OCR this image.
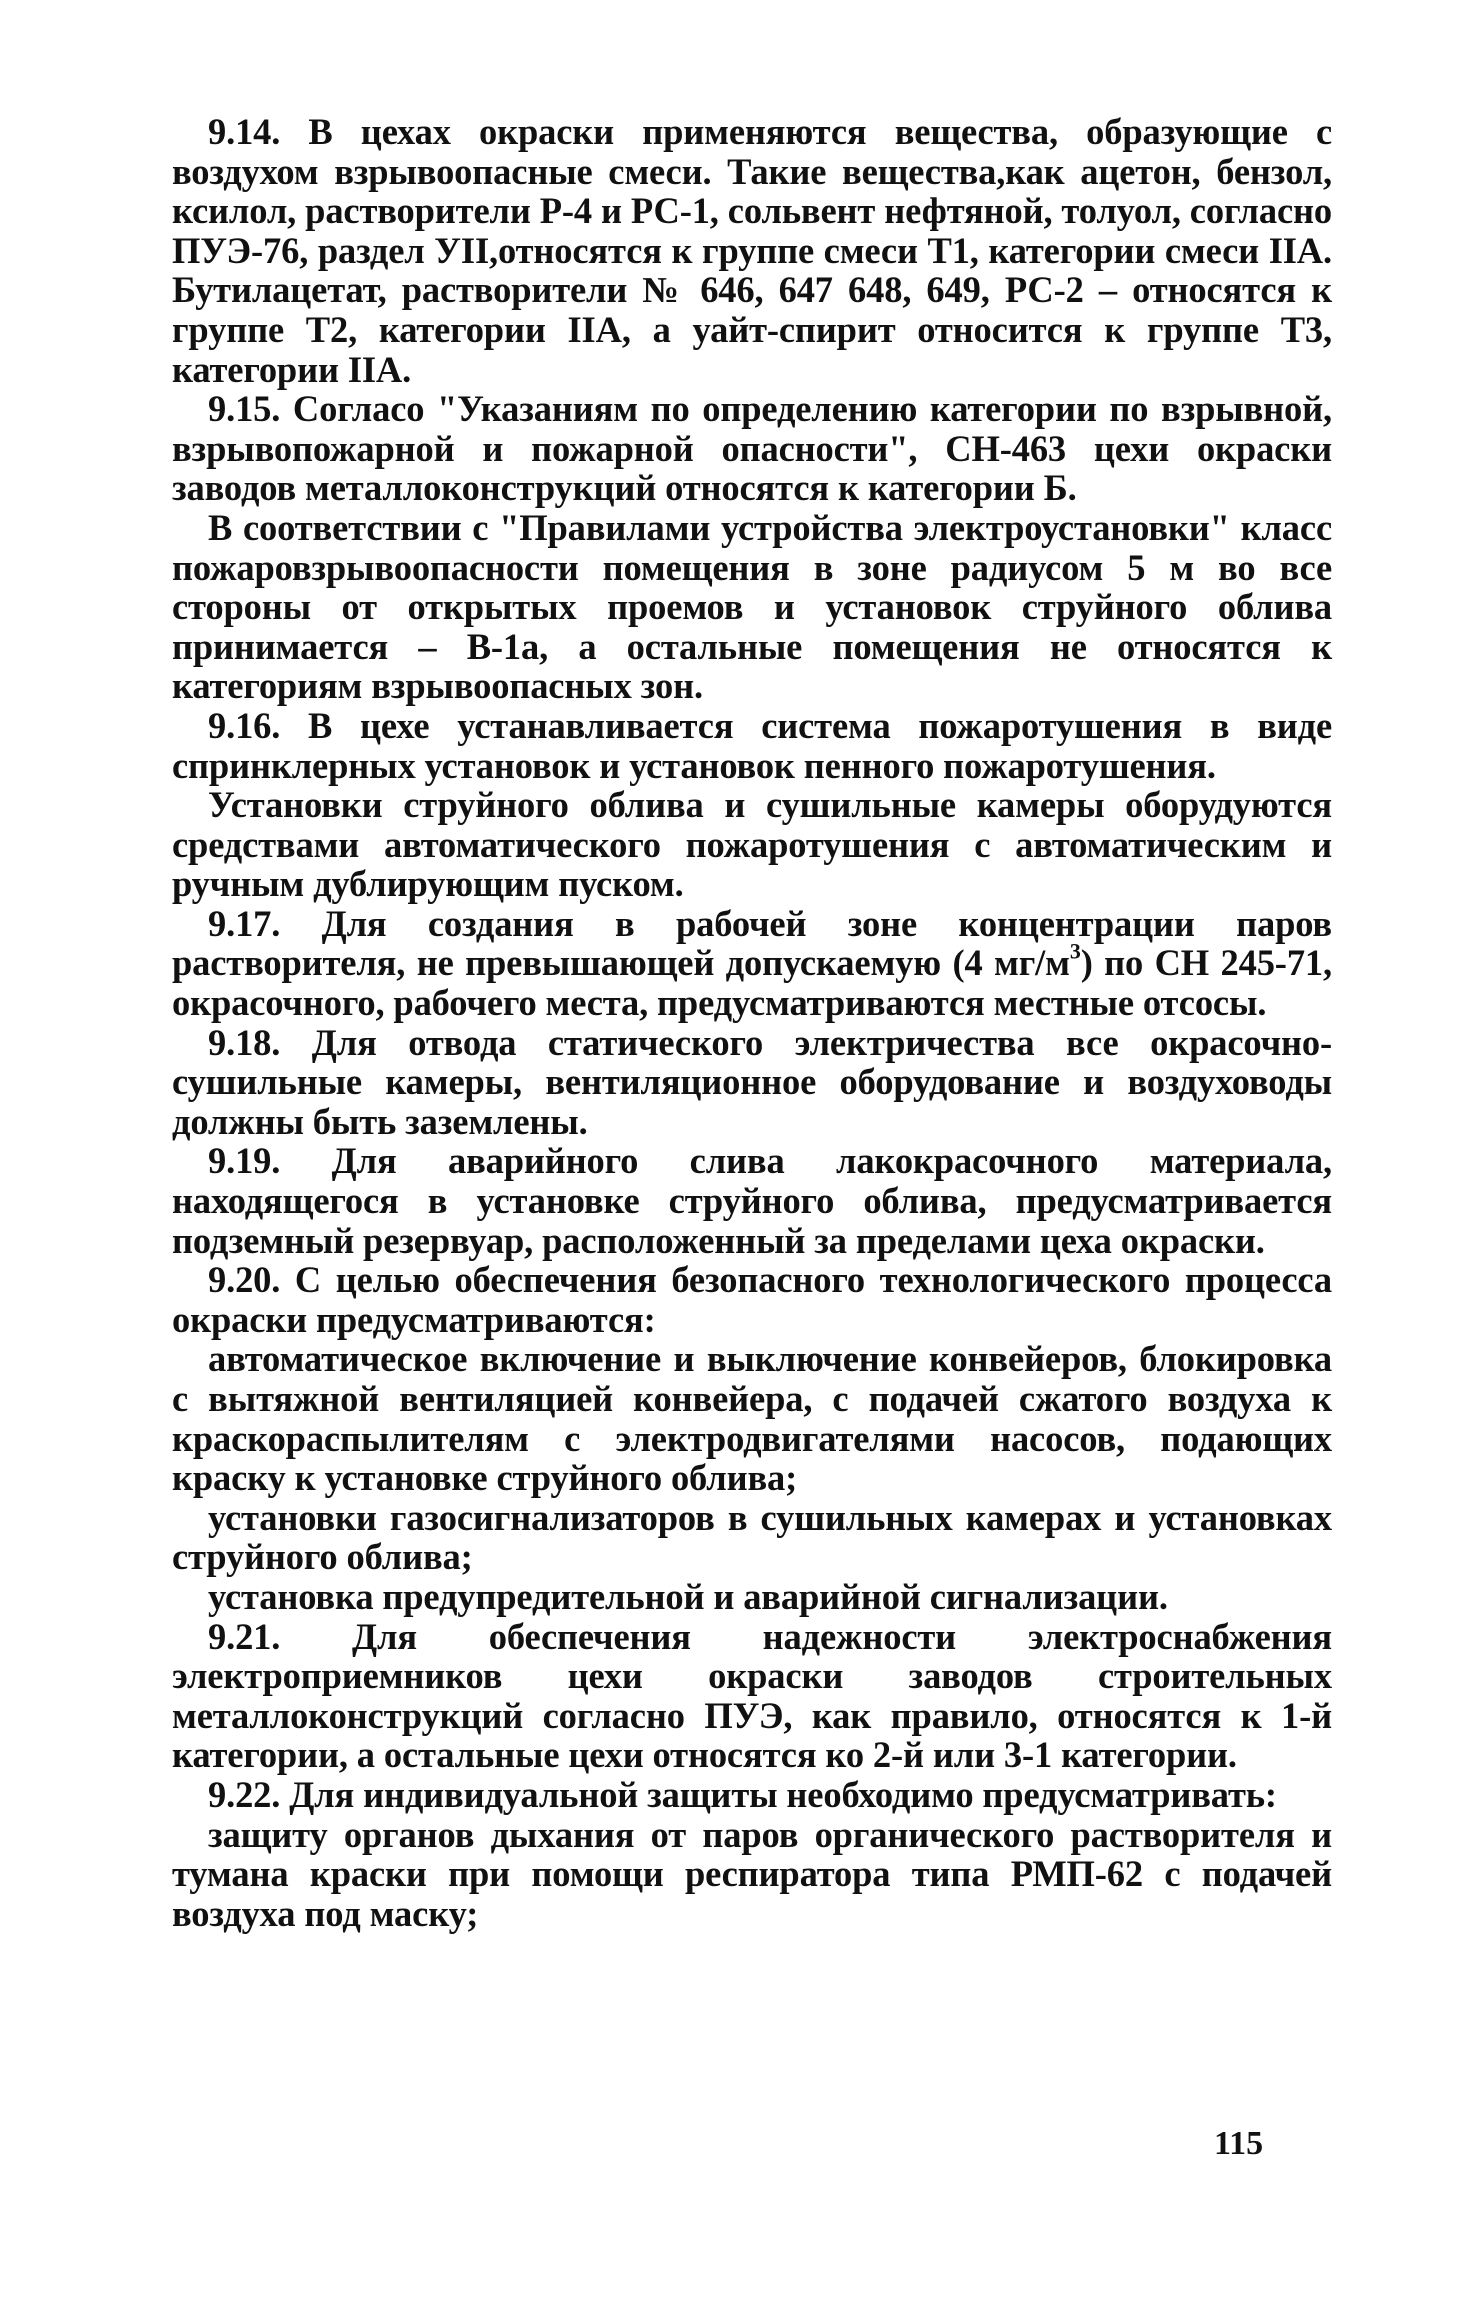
9.14. В цехах окраски применяются вещества, образующие с воздухом взрывоопасные смеси. Такие вещества,как ацетон, бензол, ксилол, растворители Р-4 и РС-1, сольвент нефтяной, толуол, согласно ПУЭ-76, раздел УII,относятся к группе смеси Т1, категории смеси IIА. Бутилацетат, растворители № 646, 647 648, 649, РС-2 – относятся к группе Т2, категории IIА, а уайт-спирит относится к группе Т3, категории IIА.

9.15. Согласо "Указаниям по определению категории по взрывной, взрывопожарной и пожарной опасности", СН-463 цехи окраски заводов металлоконструкций относятся к категории Б.

В соответствии с "Правилами устройства электроустановки" класс пожаровзрывоопасности помещения в зоне радиусом 5 м во все стороны от открытых проемов и установок струйного облива принимается – В-1а, а остальные помещения не относятся к категориям взрывоопасных зон.

9.16. В цехе устанавливается система пожаротушения в виде спринклерных установок и установок пенного пожаротушения.

Установки струйного облива и сушильные камеры оборудуются средствами автоматического пожаротушения с автоматическим и ручным дублирующим пуском.

9.17. Для создания в рабочей зоне концентрации паров растворителя, не превышающей допускаемую (4 $мг/м^3$) по СН 245-71, окрасочного, рабочего места, предусматриваются местные отсосы.

9.18. Для отвода статического электричества все окрасочно-сушильные камеры, вентиляционное оборудование и воздуховоды должны быть заземлены.

9.19. Для аварийного слива лакокрасочного материала, находящегося в установке струйного облива, предусматривается подземный резервуар, расположенный за пределами цеха окраски.

9.20. С целью обеспечения безопасного технологического процесса окраски предусматриваются:

автоматическое включение и выключение конвейеров, блокировка с вытяжной вентиляцией конвейера, с подачей сжатого воздуха к краскораспылителям с электродвигателями насосов, подающих краску к установке струйного облива;

установки газосигнализаторов в сушильных камерах и установках струйного облива;

установка предупредительной и аварийной сигнализации.

9.21. Для обеспечения надежности электроснабжения электроприемников цехи окраски заводов строительных металлоконструкций согласно ПУЭ, как правило, относятся к 1-й категории, а остальные цехи относятся ко 2-й или 3-1 категории.

9.22. Для индивидуальной защиты необходимо предусматривать:

защиту органов дыхания от паров органического растворителя и тумана краски при помощи респиратора типа РМП-62 с подачей воздуха под маску;

115
